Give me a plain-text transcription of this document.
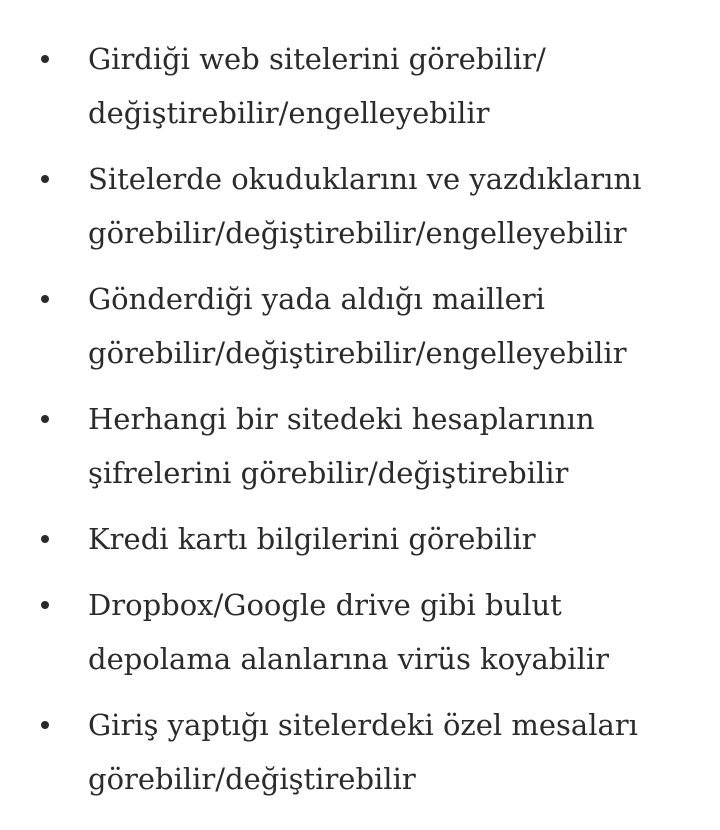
Girdiği web sitelerini görebilir/
değiştirebilir/engelleyebilir
Sitelerde okuduklarını ve yazdıklarını
görebilir/değiştirebilir/engelleyebilir
Gönderdiği yada aldığı mailleri
görebilir/değiştirebilir/engelleyebilir
Herhangi bir sitedeki hesaplarının
şifrelerini görebilir/değiştirebilir
Kredi kartı bilgilerini görebilir
Dropbox/Google drive gibi bulut
depolama alanlarına virüs koyabilir
Giriş yaptığı sitelerdeki özel mesaları
görebilir/değiştirebilir
